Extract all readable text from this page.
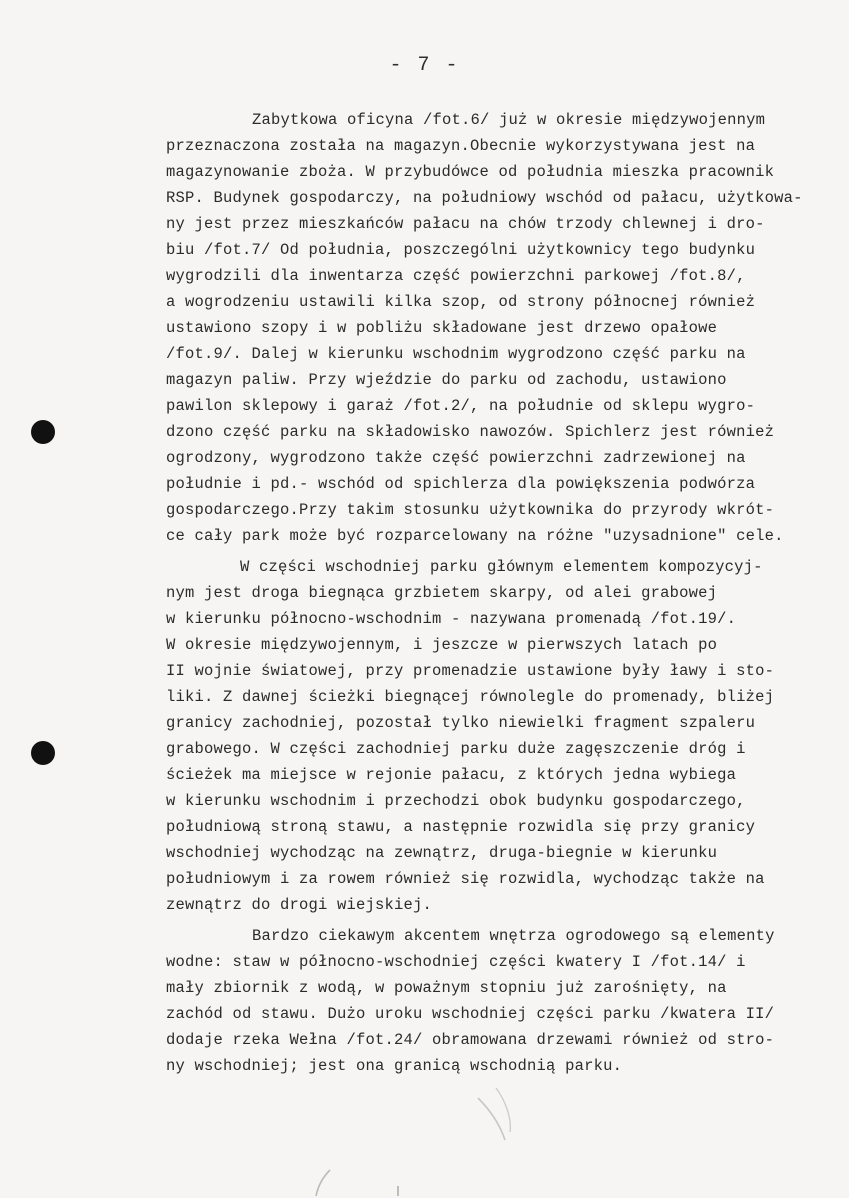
- 7 -
Zabytkowa oficyna /fot.6/ już w okresie międzywojennym
przeznaczona została na magazyn.Obecnie wykorzystywana jest na
magazynowanie zboża. W przybudówce od południa mieszka pracownik
RSP. Budynek gospodarczy, na południowy wschód od pałacu, użytkowa-
ny jest przez mieszkańców pałacu na chów trzody chlewnej i dro-
biu /fot.7/ Od południa, poszczególni użytkownicy tego budynku
wygrodzili dla inwentarza część powierzchni parkowej /fot.8/,
a wogrodzeniu ustawili kilka szop, od strony północnej również
ustawiono szopy i w pobliżu składowane jest drzewo opałowe
/fot.9/. Dalej w kierunku wschodnim wygrodzono część parku na
magazyn paliw. Przy wjeździe do parku od zachodu, ustawiono
pawilon sklepowy i garaż /fot.2/, na południe od sklepu wygro-
dzono część parku na składowisko nawozów. Spichlerz jest również
ogrodzony, wygrodzono także część powierzchni zadrzewionej na
południe i pd.- wschód od spichlerza dla powiększenia podwórza
gospodarczego.Przy takim stosunku użytkownika do przyrody wkrót-
ce cały park może być rozparcelowany na różne "uzysadnione" cele.
W części wschodniej parku głównym elementem kompozycyj-
nym jest droga biegnąca grzbietem skarpy, od alei grabowej
w kierunku północno-wschodnim - nazywana promenadą /fot.19/.
W okresie międzywojennym, i jeszcze w pierwszych latach po
II wojnie światowej, przy promenadzie ustawione były ławy i sto-
liki. Z dawnej ścieżki biegnącej równolegle do promenady, bliżej
granicy zachodniej, pozostał tylko niewielki fragment szpaleru
grabowego. W części zachodniej parku duże zagęszczenie dróg i
ścieżek ma miejsce w rejonie pałacu, z których jedna wybiega
w kierunku wschodnim i przechodzi obok budynku gospodarczego,
południową stroną stawu, a następnie rozwidla się przy granicy
wschodniej wychodząc na zewnątrz, druga-biegnie w kierunku
południowym i za rowem również się rozwidla, wychodząc także na
zewnątrz do drogi wiejskiej.
Bardzo ciekawym akcentem wnętrza ogrodowego są elementy
wodne: staw w północno-wschodniej części kwatery I /fot.14/ i
mały zbiornik z wodą, w poważnym stopniu już zarośnięty, na
zachód od stawu. Dużo uroku wschodniej części parku /kwatera II/
dodaje rzeka Wełna /fot.24/ obramowana drzewami również od stro-
ny wschodniej; jest ona granicą wschodnią parku.
